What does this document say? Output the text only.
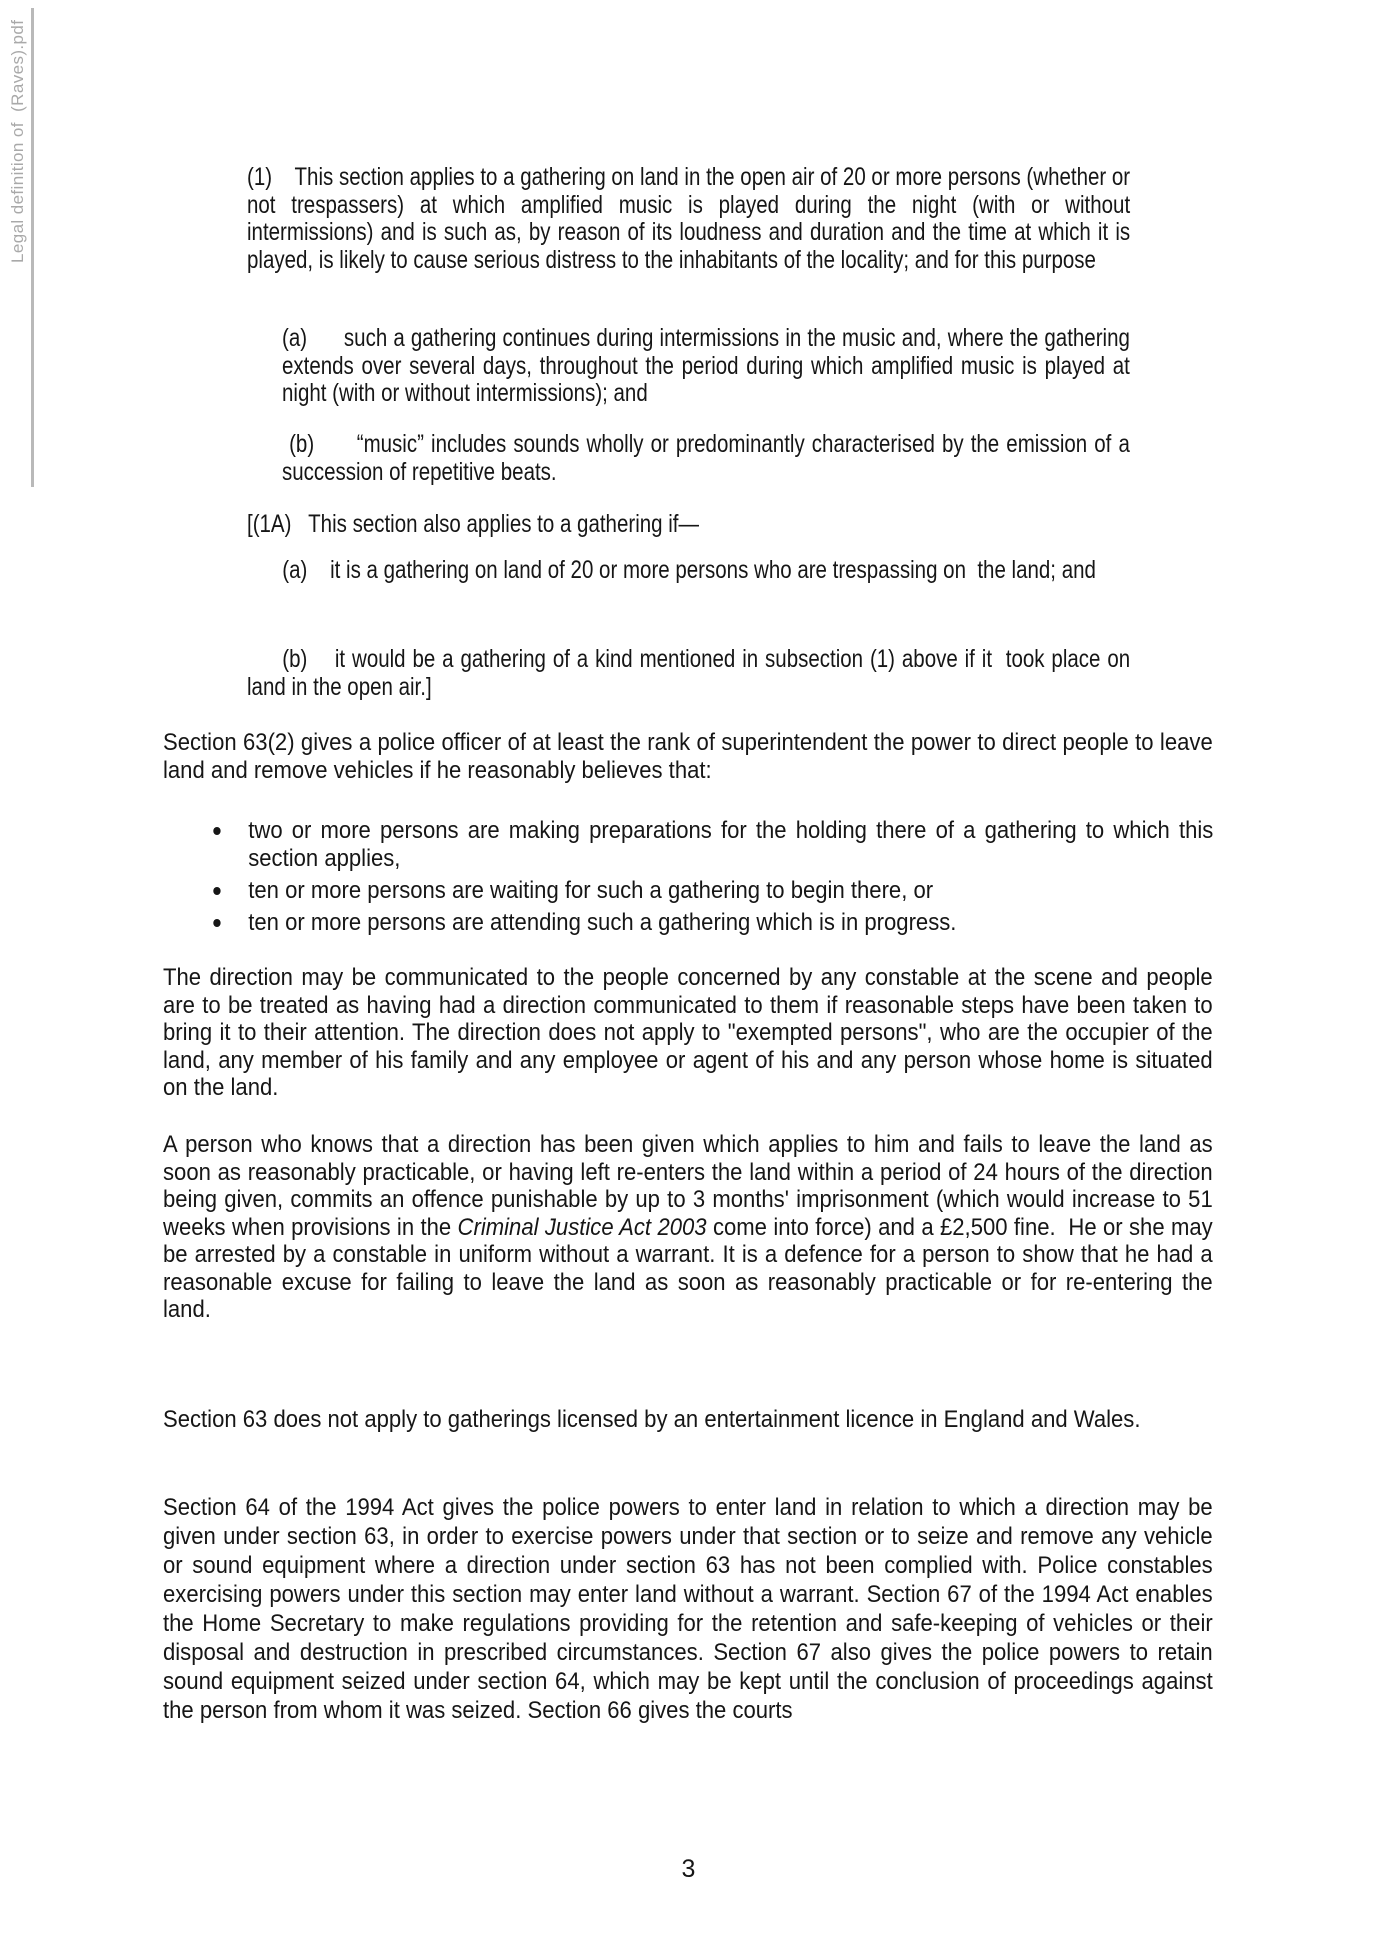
Legal definition of  (Raves).pdf	(1)    This section applies to a gathering on land in the open air of 20 or more persons (whether or not trespassers) at which amplified music is played during the night (with or without intermissions) and is such as, by reason of its loudness and duration and the time at which it is played, is likely to cause serious distress to the inhabitants of the locality; and for this purpose
(a)      such a gathering continues during intermissions in the music and, where the gathering extends over several days, throughout the period during which amplified music is played at night (with or without intermissions); and
(b)      “music” includes sounds wholly or predominantly characterised by the emission of a succession of repetitive beats.
[(1A)   This section also applies to a gathering if—
(a)    it is a gathering on land of 20 or more persons who are trespassing on  the land; and
(b)    it would be a gathering of a kind mentioned in subsection (1) above if it  took place on land in the open air.]
Section 63(2) gives a police officer of at least the rank of superintendent the power to direct people to leave land and remove vehicles if he reasonably believes that:
two or more persons are making preparations for the holding there of a gathering to which this section applies,
ten or more persons are waiting for such a gathering to begin there, or
ten or more persons are attending such a gathering which is in progress.
The direction may be communicated to the people concerned by any constable at the scene and people are to be treated as having had a direction communicated to them if reasonable steps have been taken to bring it to their attention. The direction does not apply to "exempted persons", who are the occupier of the land, any member of his family and any employee or agent of his and any person whose home is situated on the land.
A person who knows that a direction has been given which applies to him and fails to leave the land as soon as reasonably practicable, or having left re-enters the land within a period of 24 hours of the direction being given, commits an offence punishable by up to 3 months' imprisonment (which would increase to 51 weeks when provisions in the Criminal Justice Act 2003 come into force) and a £2,500 fine.  He or she may be arrested by a constable in uniform without a warrant. It is a defence for a person to show that he had a reasonable excuse for failing to leave the land as soon as reasonably practicable or for re-entering the land.
Section 63 does not apply to gatherings licensed by an entertainment licence in England and Wales.
Section 64 of the 1994 Act gives the police powers to enter land in relation to which a direction may be given under section 63, in order to exercise powers under that section or to seize and remove any vehicle or sound equipment where a direction under section 63 has not been complied with. Police constables exercising powers under this section may enter land without a warrant. Section 67 of the 1994 Act enables the Home Secretary to make regulations providing for the retention and safe-keeping of vehicles or their disposal and destruction in prescribed circumstances. Section 67 also gives the police powers to retain sound equipment seized under section 64, which may be kept until the conclusion of proceedings against the person from whom it was seized. Section 66 gives the courts
3
